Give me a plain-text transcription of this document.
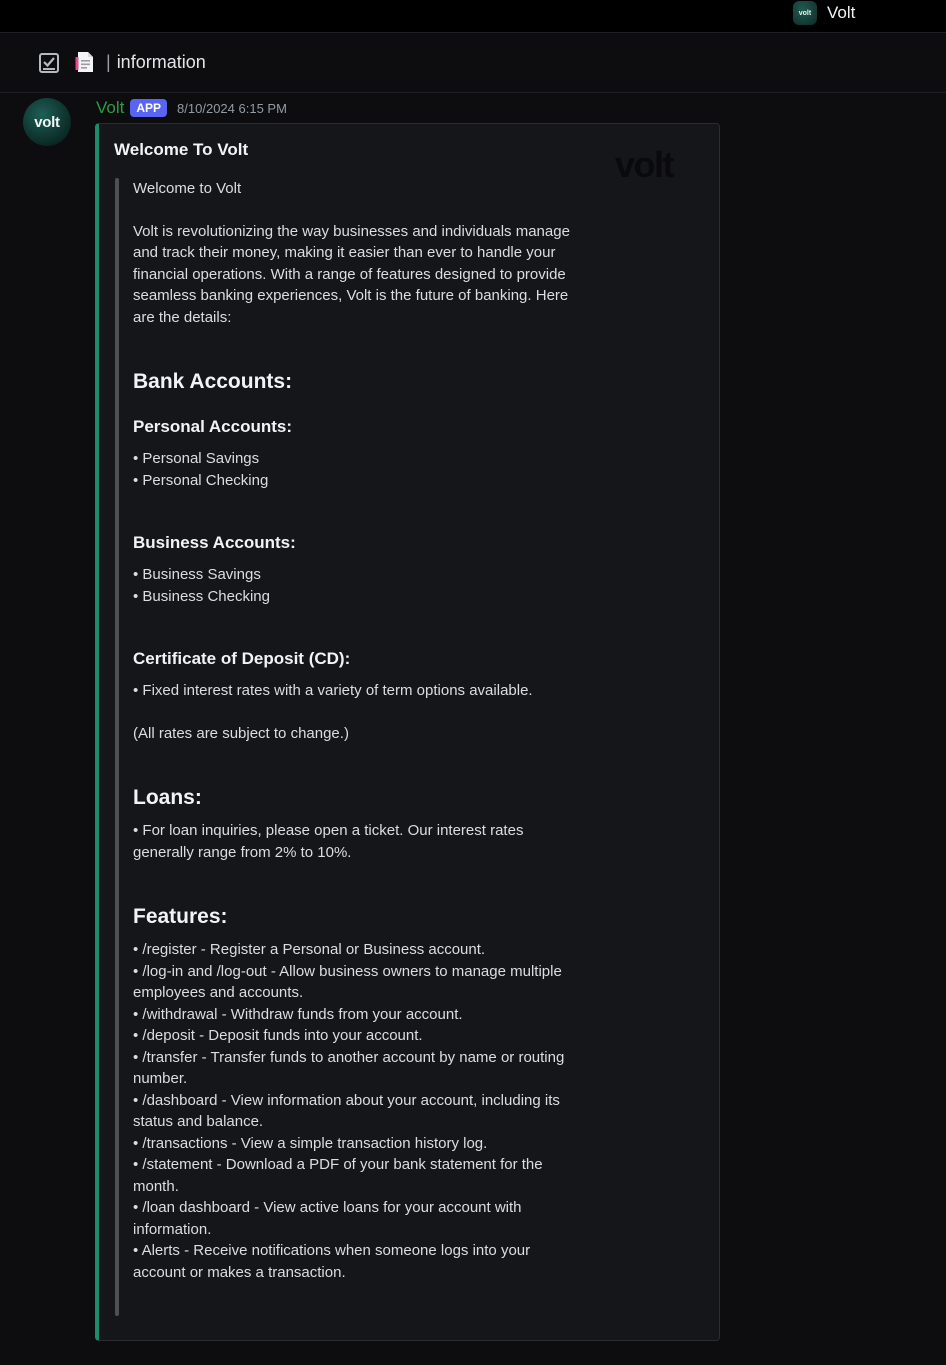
volt Volt
| information
volt
Volt	APP	8/10/2024 6:15 PM
Welcome To Volt	volt

Welcome to Volt

Volt is revolutionizing the way businesses and individuals manage and track their money, making it easier than ever to handle your financial operations. With a range of features designed to provide seamless banking experiences, Volt is the future of banking. Here are the details:

Bank Accounts:

Personal Accounts:

• Personal Savings

• Personal Checking

Business Accounts:

• Business Savings

• Business Checking

Certificate of Deposit (CD):

• Fixed interest rates with a variety of term options available.

(All rates are subject to change.)

Loans:

• For loan inquiries, please open a ticket. Our interest rates generally range from 2% to 10%.

Features:

• /register - Register a Personal or Business account.

• /log-in and /log-out - Allow business owners to manage multiple employees and accounts.

• /withdrawal - Withdraw funds from your account.

• /deposit - Deposit funds into your account.

• /transfer - Transfer funds to another account by name or routing number.

• /dashboard - View information about your account, including its status and balance.

• /transactions - View a simple transaction history log.

• /statement - Download a PDF of your bank statement for the month.

• /loan dashboard - View active loans for your account with information.

• Alerts - Receive notifications when someone logs into your account or makes a transaction.
